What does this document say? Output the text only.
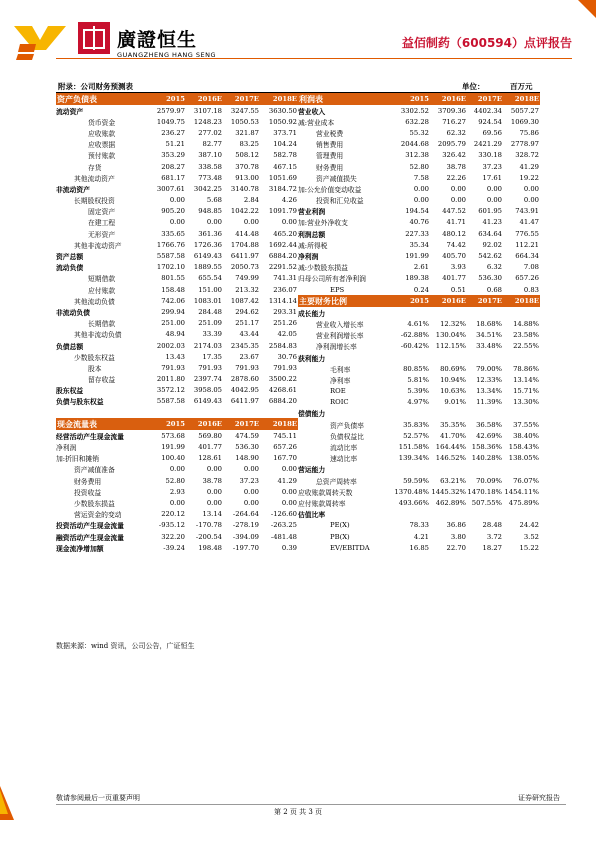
廣證恒生
GUANGZHENG HANG SENG
益佰制药（600594）点评报告
附录：公司财务预测表	单位：	百万元
资产负债表	2015	2016E	2017E	2018E
流动资产	2579.97	3107.18	3247.55	3630.50
货币资金	1049.75	1248.23	1050.53	1050.92
应收账款	236.27	277.02	321.87	373.71
应收票据	51.21	82.77	83.25	104.24
预付账款	353.29	387.10	508.12	582.78
存货	208.27	338.58	370.78	467.15
其他流动资产	681.17	773.48	913.00	1051.69
非流动资产	3007.61	3042.25	3140.78	3184.72
长期股权投资	0.00	5.68	2.84	4.26
固定资产	905.20	948.85	1042.22	1091.79
在建工程	0.00	0.00	0.00	0.00
无形资产	335.65	361.36	414.48	465.20
其他非流动资产	1766.76	1726.36	1704.88	1692.44
资产总额	5587.58	6149.43	6411.97	6884.20
流动负债	1702.10	1889.55	2050.73	2291.52
短期借款	801.55	655.54	749.99	741.31
应付账款	158.48	151.00	213.32	236.07
其他流动负债	742.06	1083.01	1087.42	1314.14
非流动负债	299.94	284.48	294.62	293.31
长期借款	251.00	251.09	251.17	251.26
其他非流动负债	48.94	33.39	43.44	42.05
负债总额	2002.03	2174.03	2345.35	2584.83
少数股东权益	13.43	17.35	23.67	30.76
股本	791.93	791.93	791.93	791.93
留存收益	2011.80	2397.74	2878.60	3500.22
股东权益	3572.12	3958.05	4042.95	4268.61
负债与股东权益	5587.58	6149.43	6411.97	6884.20
现金流量表	2015	2016E	2017E	2018E
经营活动产生现金流量	573.68	569.80	474.59	745.11
净利润	191.99	401.77	536.30	657.26
加:折旧和摊销	100.40	128.61	148.90	167.70
资产减值准备	0.00	0.00	0.00	0.00
财务费用	52.80	38.78	37.23	41.29
投资收益	2.93	0.00	0.00	0.00
少数股东损益	0.00	0.00	0.00	0.00
营运资金的变动	220.12	13.14	-264.64	-126.60
投资活动产生现金流量	-935.12	-170.78	-278.19	-263.25
融资活动产生现金流量	322.20	-200.54	-394.09	-481.48
现金流净增加额	-39.24	198.48	-197.70	0.39
利润表	2015	2016E	2017E	2018E
营业收入	3302.52	3709.36	4402.34	5057.27
减:营业成本	632.28	716.27	924.54	1069.30
营业税费	55.32	62.32	69.56	75.86
销售费用	2044.68	2095.79	2421.29	2778.97
管理费用	312.38	326.42	330.18	328.72
财务费用	52.80	38.78	37.23	41.29
资产减值损失	7.58	22.26	17.61	19.22
加:公允价值变动收益	0.00	0.00	0.00	0.00
投资和汇兑收益	0.00	0.00	0.00	0.00
营业利润	194.54	447.52	601.95	743.91
加:营业外净收支	40.76	41.71	41.23	41.47
利润总额	227.33	480.12	634.64	776.55
减:所得税	35.34	74.42	92.02	112.21
净利润	191.99	405.70	542.62	664.34
减:少数股东损益	2.61	3.93	6.32	7.08
归母公司所有者净利润	189.38	401.77	536.30	657.26
EPS	0.24	0.51	0.68	0.83
主要财务比例	2015	2016E	2017E	2018E
成长能力
营业收入增长率	4.61%	12.32%	18.68%	14.88%
营业利润增长率	-62.88% 130.04%	34.51%	23.58%
净利润增长率	-60.42% 112.15%	33.48%	22.55%
获利能力
毛利率	80.85%	80.69%	79.00%	78.86%
净利率	5.81%	10.94%	12.33%	13.14%
ROE	5.39%	10.63%	13.34%	15.71%
ROIC	4.97%	9.01%	11.39%	13.30%
偿债能力
资产负债率	35.83%	35.35%	36.58%	37.55%
负债权益比	52.57%	41.70%	42.69%	38.40%
流动比率	151.58% 164.44% 158.36% 158.43%
速动比率	139.34% 146.52% 140.28% 138.05%
营运能力
总资产周转率	59.59%	63.21%	70.09%	76.07%
应收账款周转天数	1370.48% 1445.32% 1470.18% 1454.11%
应付账款周转率	493.66% 462.89% 507.55% 475.89%
估值比率
PE(X)	78.33	36.86	28.48	24.42
PB(X)	4.21	3.80	3.72	3.52
EV/EBITDA	16.85	22.70	18.27	15.22
数据来源：wind 资讯，公司公告，广证恒生
敬请参阅最后一页重要声明	证券研究报告
第 2 页 共 3 页
